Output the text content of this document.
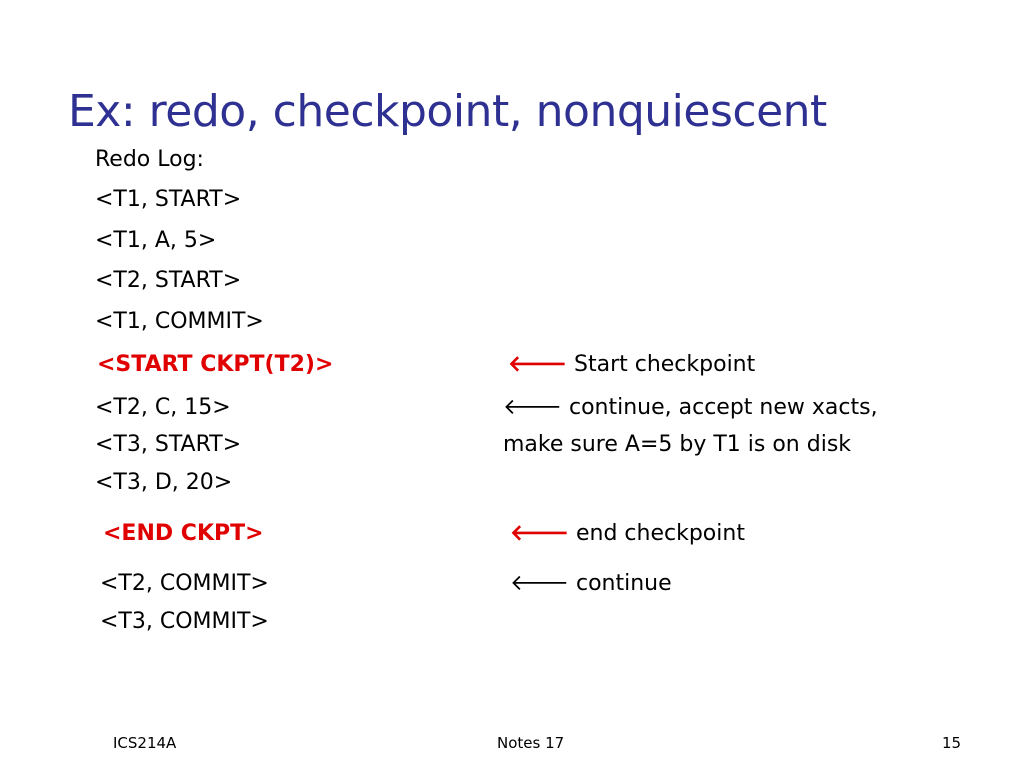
Ex: redo, checkpoint, nonquiescent
Redo Log:
<T1, START>
<T1, A, 5>
<T2, START>
<T1, COMMIT>
<START CKPT(T2)>	🡐 Start checkpoint
<T2, C, 15>
<T3, START>
<T3, D, 20>
🡐 continue, accept new xacts,
make sure A=5 by T1 is on disk
<END CKPT>	🡐 end checkpoint
<T2, COMMIT>
<T3, COMMIT>
🡐 continue
ICS214A	Notes 17	15
